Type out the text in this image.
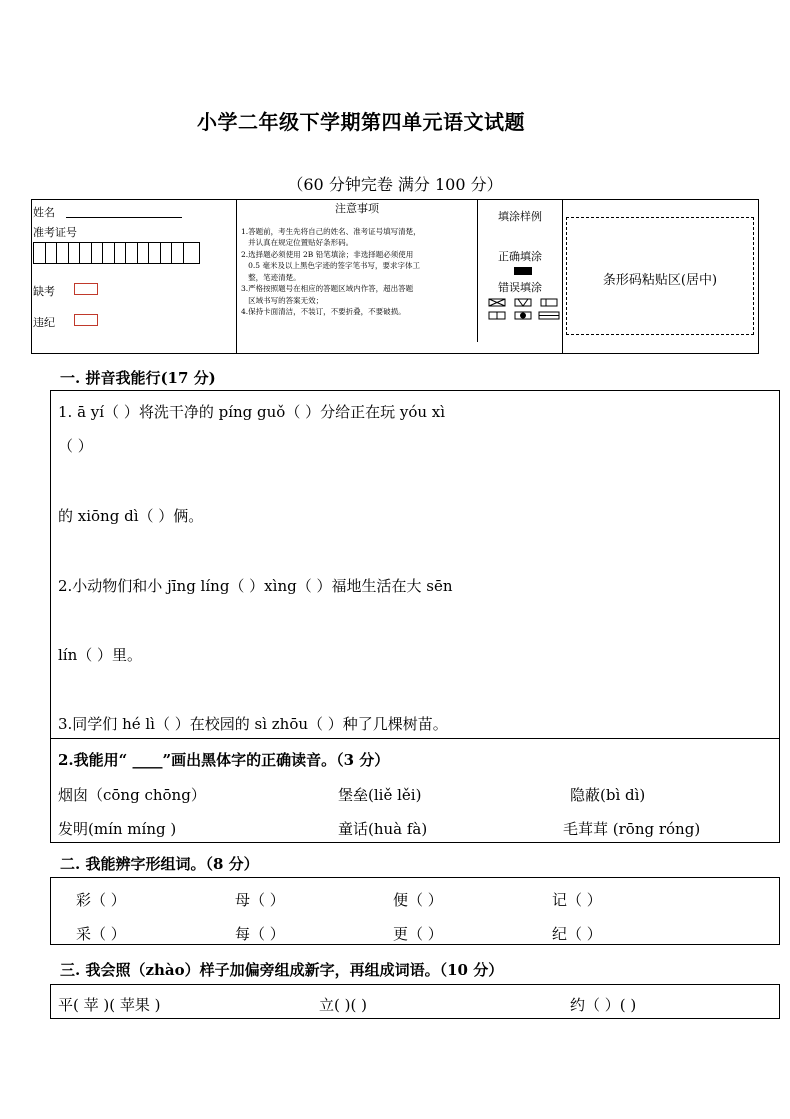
小学二年级下学期第四单元语文试题
（60 分钟完卷 满分 100 分）
姓名
准考证号
缺考
违纪
注意事项

1.答题前，考生先将自己的姓名、准考证号填写清楚，
并认真在规定位置贴好条形码。
2.选择题必须使用 2B 铅笔填涂；非选择题必须使用
0.5 毫米及以上黑色字迹的签字笔书写，要求字体工
整，笔迹清楚。
3.严格按照题号在相应的答题区域内作答，超出答题
区域书写的答案无效；
4.保持卡面清洁，不装订，不要折叠，不要破损。

填涂样例
正确填涂
错误填涂	条形码粘贴区(居中)
一. 拼音我能行(17 分)
1. ā yí（ ）将洗干净的 píng guǒ（ ）分给正在玩 yóu xì
（ ）
的 xiōng dì（ ）俩。
2.小动物们和小 jīng líng（ ）xìng（ ）福地生活在大 sēn
lín（ ）里。
3.同学们 hé lì（ ）在校园的 sì zhōu（ ）种了几棵树苗。
2.我能用“ ____”画出黑体字的正确读音。（3 分）
烟囱（cōng chōng）	堡垒(liě lěi)	隐蔽(bì dì)
发明(mín míng )	童话(huà fà)	毛茸茸 (rōng róng)
二. 我能辨字形组词。（8 分）
彩（ ）	母（ ）	便（ ）	记（ ）
采（ ）	每（ ）	更（ ）	纪（ ）
三. 我会照（zhào）样子加偏旁组成新字，再组成词语。（10 分）
平( 苹 )( 苹果 )	立( )( )	约（ ）( )
